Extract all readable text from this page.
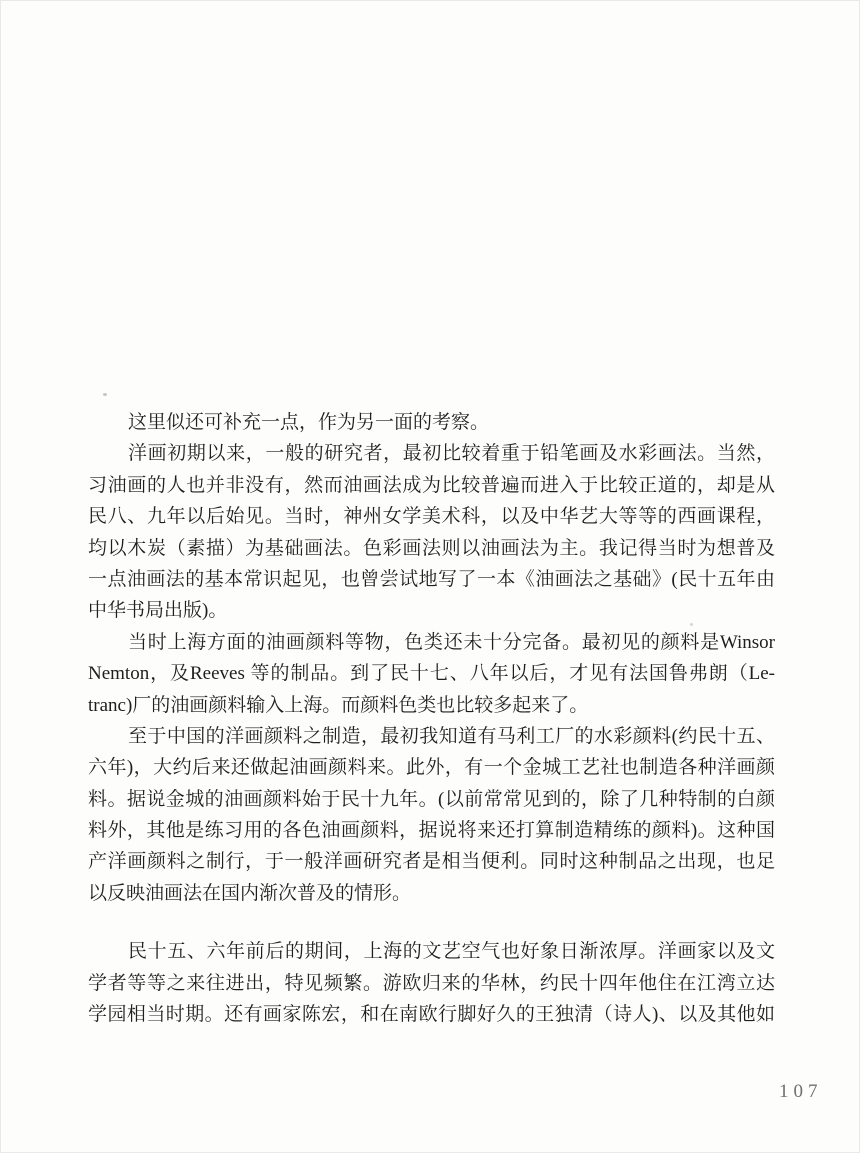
这里似还可补充一点，作为另一面的考察。

洋画初期以来，一般的研究者，最初比较着重于铅笔画及水彩画法。当然，

习油画的人也并非没有，然而油画法成为比较普遍而进入于比较正道的，却是从

民八、九年以后始见。当时，神州女学美术科，以及中华艺大等等的西画课程，

均以木炭（素描）为基础画法。色彩画法则以油画法为主。我记得当时为想普及

一点油画法的基本常识起见，也曾尝试地写了一本《油画法之基础》(民十五年由

中华书局出版)。

当时上海方面的油画颜料等物，色类还未十分完备。最初见的颜料是Winsor

Nemton，及Reeves 等的制品。到了民十七、八年以后，才见有法国鲁弗朗（Le-

tranc)厂的油画颜料输入上海。而颜料色类也比较多起来了。

至于中国的洋画颜料之制造，最初我知道有马利工厂的水彩颜料(约民十五、

六年)，大约后来还做起油画颜料来。此外，有一个金城工艺社也制造各种洋画颜

料。据说金城的油画颜料始于民十九年。(以前常常见到的，除了几种特制的白颜

料外，其他是练习用的各色油画颜料，据说将来还打算制造精练的颜料)。这种国

产洋画颜料之制行，于一般洋画研究者是相当便利。同时这种制品之出现，也足

以反映油画法在国内渐次普及的情形。

民十五、六年前后的期间，上海的文艺空气也好象日渐浓厚。洋画家以及文

学者等等之来往进出，特见频繁。游欧归来的华林，约民十四年他住在江湾立达

学园相当时期。还有画家陈宏，和在南欧行脚好久的王独清（诗人)、以及其他如

107
